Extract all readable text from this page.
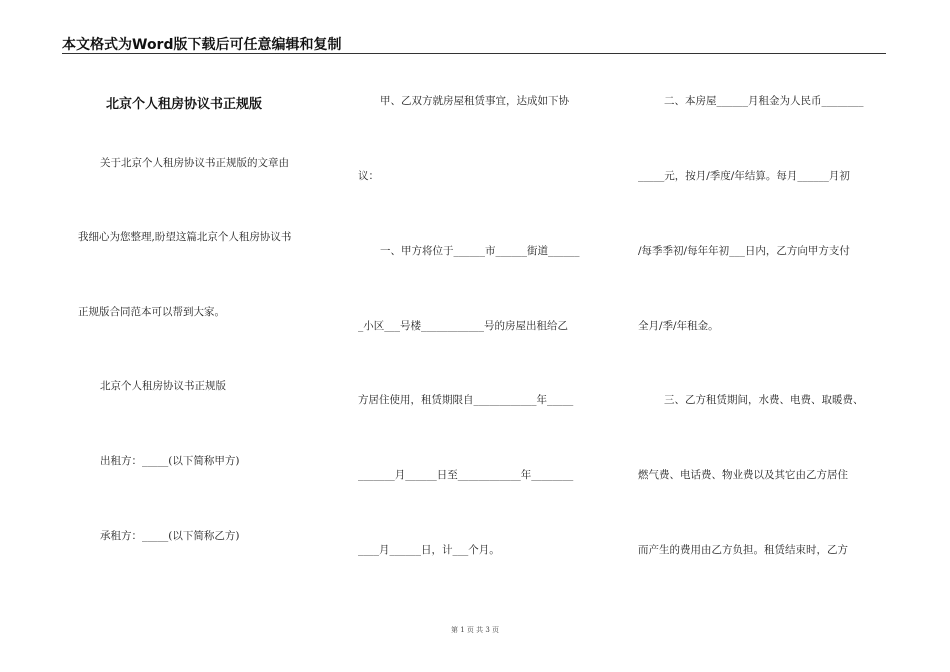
本文格式为Word版下载后可任意编辑和复制
北京个人租房协议书正规版
关于北京个人租房协议书正规版的文章由
我细心为您整理,盼望这篇北京个人租房协议书
正规版合同范本可以帮到大家。
北京个人租房协议书正规版
出租方：_____(以下简称甲方)
承租方：_____(以下简称乙方)
甲、乙双方就房屋租赁事宜，达成如下协
议：
一、甲方将位于______市______街道______
_小区___号楼____________号的房屋出租给乙
方居住使用，租赁期限自____________年_____
_______月______日至____________年________
____月______日，计___个月。
二、本房屋______月租金为人民币________
_____元，按月/季度/年结算。每月______月初
/每季季初/每年年初___日内，乙方向甲方支付
全月/季/年租金。
三、乙方租赁期间，水费、电费、取暖费、
燃气费、电话费、物业费以及其它由乙方居住
而产生的费用由乙方负担。租赁结束时，乙方
第 1 页 共 3 页
